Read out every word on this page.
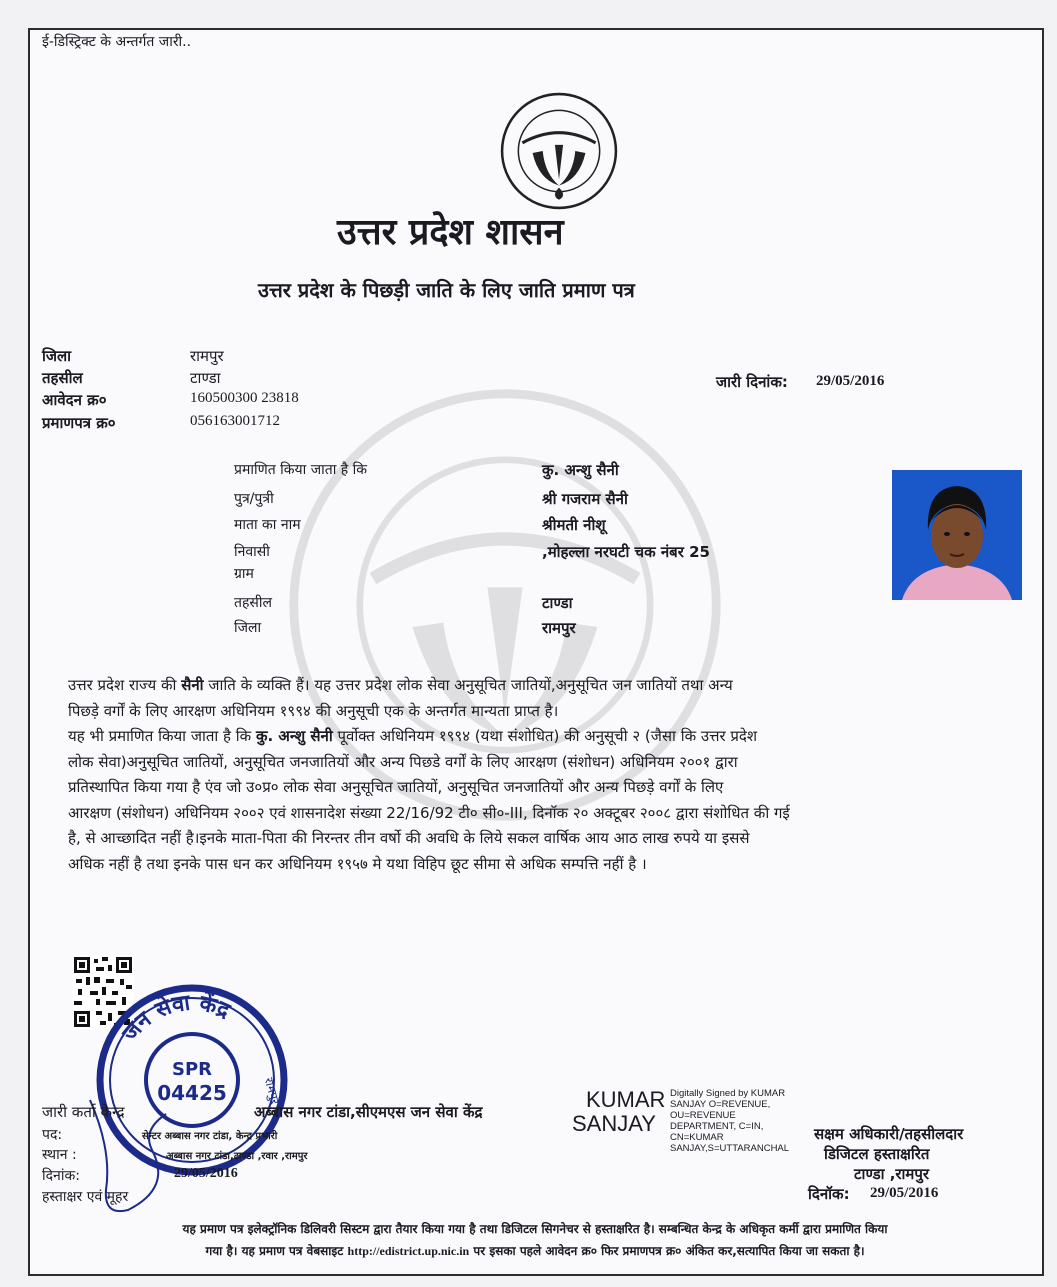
ई-डिस्ट्रिक्ट के अन्तर्गत जारी..
उत्तर प्रदेश शासन
उत्तर प्रदेश के पिछड़ी जाति के लिए जाति प्रमाण पत्र
जिला	रामपुर
तहसील	टाण्डा
आवेदन क्र०	160500300 23818
प्रमाणपत्र क्र०	056163001712
जारी दिनांक: 29/05/2016
प्रमाणित किया जाता है कि	कु. अन्शु सैनी
पुत्र/पुत्री	श्री गजराम सैनी
माता का नाम	श्रीमती नीशू
निवासी	,मोहल्ला नरघटी चक नंबर 25
ग्राम
तहसील	टाण्डा
जिला	रामपुर
उत्तर प्रदेश राज्य की सैनी जाति के व्यक्ति हैं। यह उत्तर प्रदेश लोक सेवा अनुसूचित जातियों,अनुसूचित जन जातियों तथा अन्य
पिछड़े वर्गों के लिए आरक्षण अधिनियम १९९४ की अनुसूची एक के अन्तर्गत मान्यता प्राप्त है।
यह भी प्रमाणित किया जाता है कि कु. अन्शु सैनी पूर्वोक्त अधिनियम १९९४ (यथा संशोधित) की अनुसूची २ (जैसा कि उत्तर प्रदेश
लोक सेवा)अनुसूचित जातियों, अनुसूचित जनजातियों और अन्य पिछडे वर्गों के लिए आरक्षण (संशोधन) अधिनियम २००१ द्वारा
प्रतिस्थापित किया गया है एंव जो उ०प्र० लोक सेवा अनुसूचित जातियों, अनुसूचित जनजातियों और अन्य पिछड़े वर्गों के लिए
आरक्षण (संशोधन) अधिनियम २००२ एवं शासनादेश संख्या 22/16/92 टी० सी०-III, दिनॉक २० अक्टूबर २००८ द्वारा संशोधित की गई
है, से आच्छादित नहीं है।इनके माता-पिता की निरन्तर तीन वर्षो की अवधि के लिये सकल वार्षिक आय आठ लाख रुपये या इससे
अधिक नहीं है तथा इनके पास धन कर अधिनियम १९५७ मे यथा विहिप छूट सीमा से अधिक सम्पत्ति नहीं है ।
जन सेवा केंद्र
SPR
04425	रामपुर
जारी कर्ता केन्द्र	अब्बास नगर टांडा,सीएमएस जन सेवा केंद्र
पद:	सेन्टर अब्बास नगर टांडा, केन्द्र प्रभारी
स्थान :	अब्बास नगर टांडा,टाण्डा ,रवार ,रामपुर
दिनांक:	29/05/2016
हस्ताक्षर एवं मूहर
KUMAR
SANJAY
Digitally Signed by KUMAR
SANJAY O=REVENUE,
OU=REVENUE
DEPARTMENT, C=IN,
CN=KUMAR
SANJAY,S=UTTARANCHAL
सक्षम अधिकारी/तहसीलदार
डिजिटल हस्ताक्षरित
टाण्डा ,रामपुर
दिनॉक: 29/05/2016
यह प्रमाण पत्र इलेक्ट्रॉनिक डिलिवरी सिस्टम द्वारा तैयार किया गया है तथा डिजिटल सिगनेचर से हस्ताक्षरित है। सम्बन्धित केन्द्र के अधिकृत कर्मी द्वारा प्रमाणित किया
गया है। यह प्रमाण पत्र वेबसाइट http://edistrict.up.nic.in पर इसका पहले आवेदन क्र० फिर प्रमाणपत्र क्र० अंकित कर,सत्यापित किया जा सकता है।
